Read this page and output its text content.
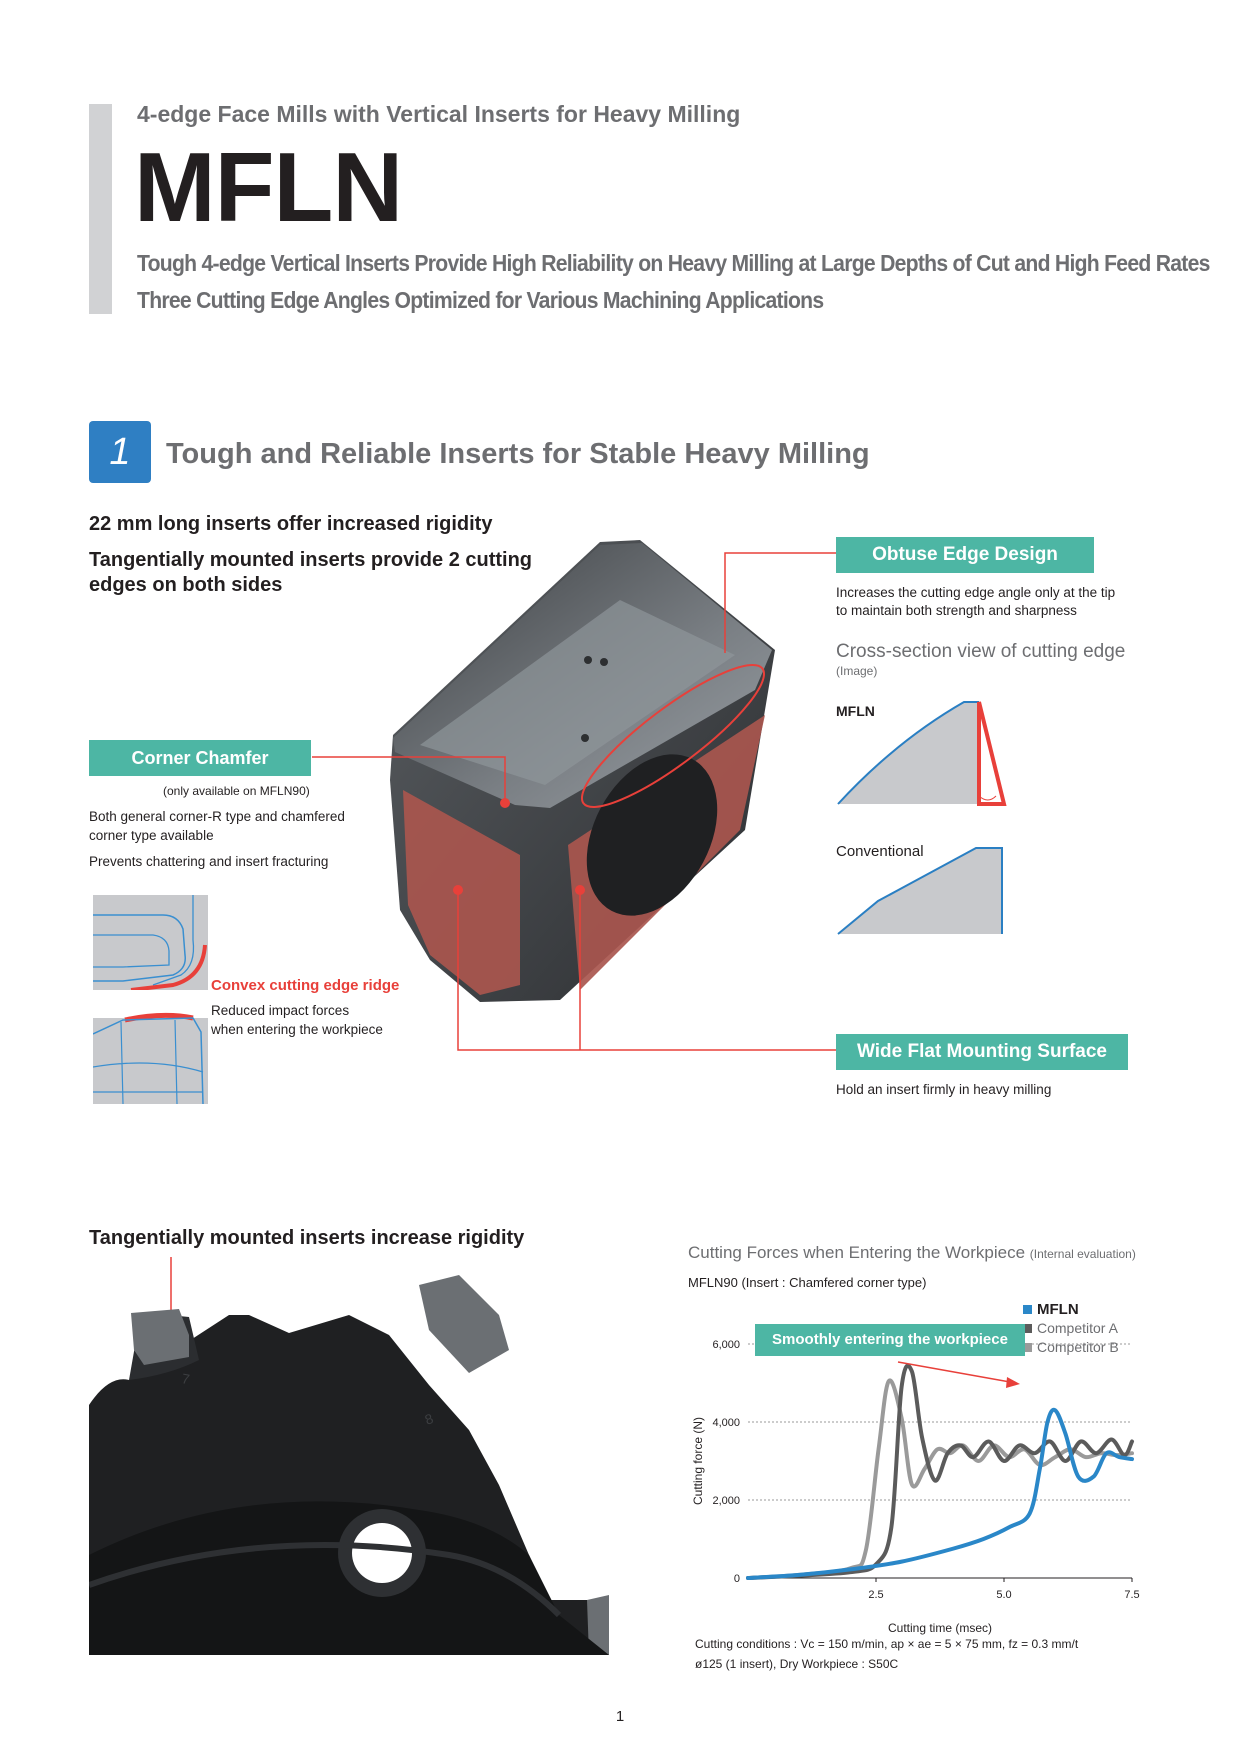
4-edge Face Mills with Vertical Inserts for Heavy Milling
MFLN
Tough 4-edge Vertical Inserts Provide High Reliability on Heavy Milling at Large Depths of Cut and High Feed Rates
Three Cutting Edge Angles Optimized for Various Machining Applications
1	Tough and Reliable Inserts for Stable Heavy Milling
22 mm long inserts offer increased rigidity
Tangentially mounted inserts provide 2 cutting
edges on both sides
Corner Chamfer
(only available on MFLN90)
Both general corner-R type and chamfered
corner type available
Prevents chattering and insert fracturing
Convex cutting edge ridge
Reduced impact forces
when entering the workpiece
Obtuse Edge Design
Increases the cutting edge angle only at the tip
to maintain both strength and sharpness
Cross-section view of cutting edge
(Image)
MFLN
Conventional
Wide Flat Mounting Surface
Hold an insert firmly in heavy milling
Tangentially mounted inserts increase rigidity
7
8
Cutting Forces when Entering the Workpiece (Internal evaluation)
MFLN90 (Insert : Chamfered corner type)
0
2,000
4,000
6,000
2.5	5.0	7.5
Cutting time (msec)
Cutting force (N)
MFLN
Competitor A
Competitor B
Smoothly entering the workpiece
Cutting conditions : Vc = 150 m/min, ap × ae = 5 × 75 mm, fz = 0.3 mm/t
ø125 (1 insert), Dry Workpiece : S50C
1
